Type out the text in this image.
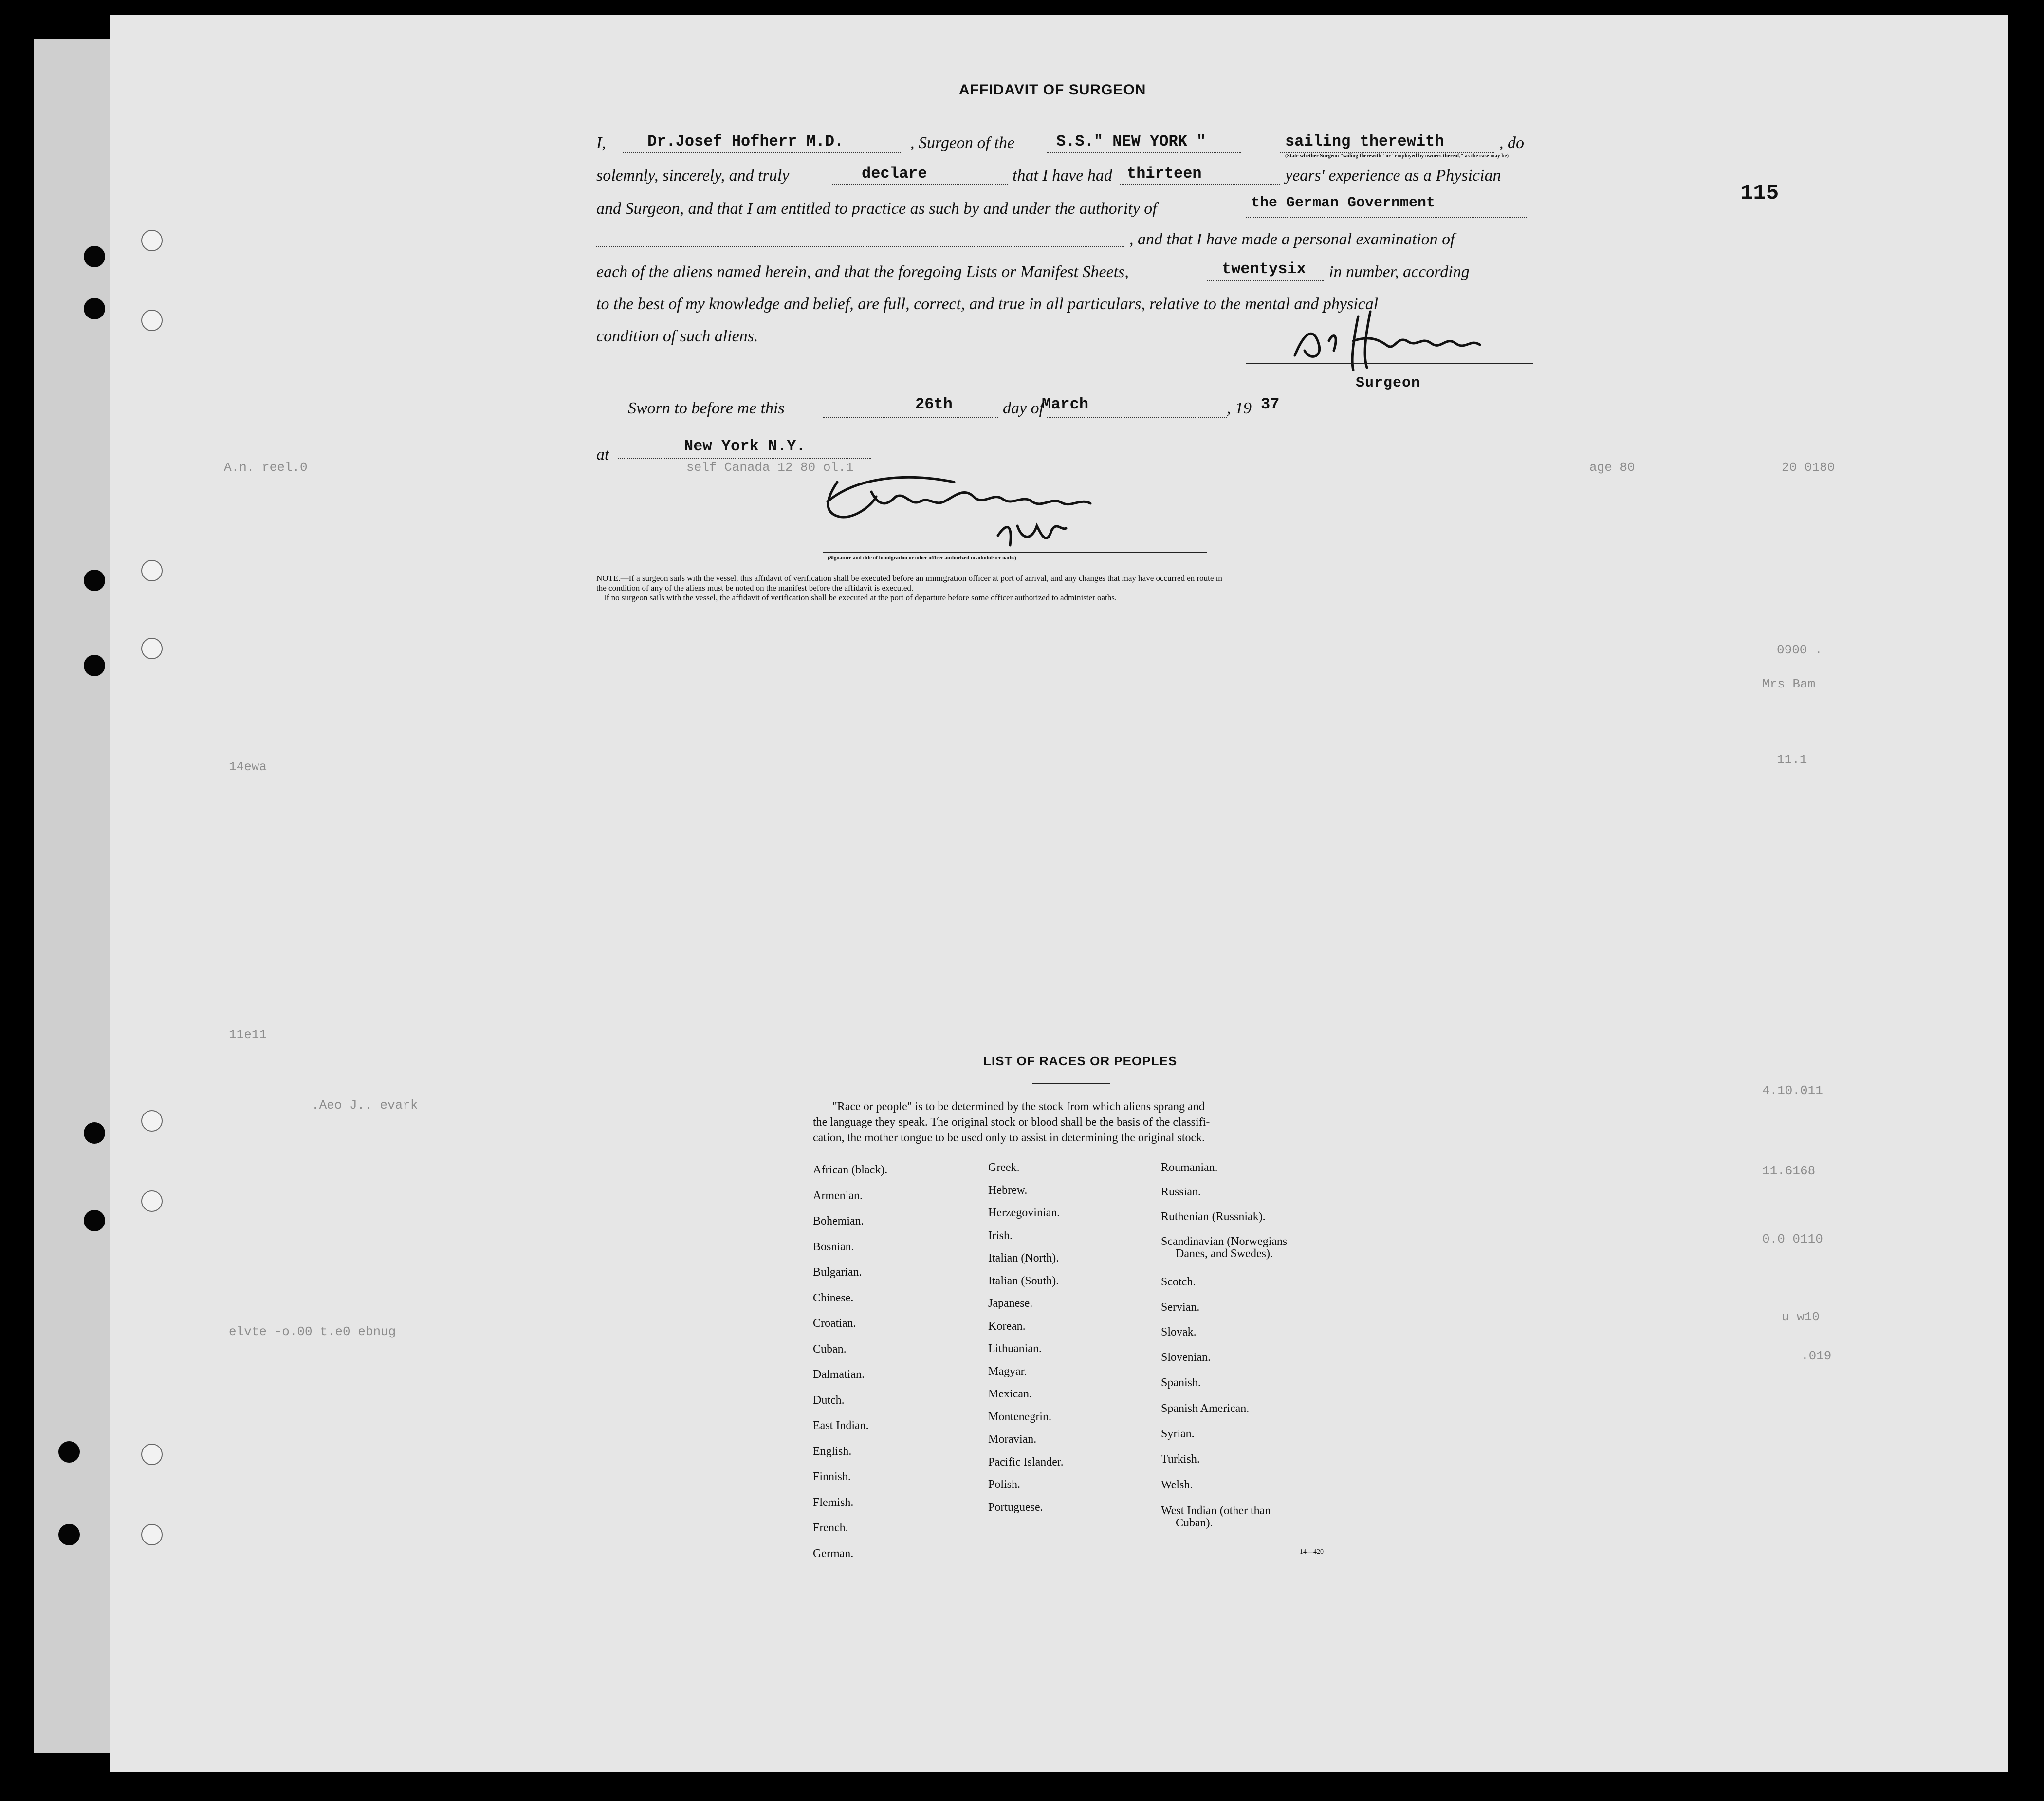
115
AFFIDAVIT OF SURGEON
I,	Dr.Josef Hofherr M.D.	, Surgeon of the	S.S." NEW YORK "	sailing therewith	, do
(State whether Surgeon "sailing therewith" or "employed by owners thereof," as the case may be)
solemnly, sincerely, and truly	declare	that I have had thirteen	years' experience as a Physician
and Surgeon, and that I am entitled to practice as such by and under the authority of	the German Government
, and that I have made a personal examination of
each of the aliens named herein, and that the foregoing Lists or Manifest Sheets,	twentysix in number, according
to the best of my knowledge and belief, are full, correct, and true in all particulars, relative to the mental and physical
condition of such aliens.
Surgeon
Sworn to before me this	26th	day of
March	, 19 37
at	New York N.Y.
(Signature and title of immigration or other officer authorized to administer oaths)
NOTE.—If a surgeon sails with the vessel, this affidavit of verification shall be executed before an immigration officer at port of arrival, and any changes that may have occurred en route in
the condition of any of the aliens must be noted on the manifest before the affidavit is executed.
If no surgeon sails with the vessel, the affidavit of verification shall be executed at the port of departure before some officer authorized to administer oaths.
A.n. reel.0	self Canada 12 80 ol.1	age 80	20 0180
0900 .
Mrs Bam
11.1
14ewa
11e11
4.10.011
.Aeo J.. evark
11.6168
0.0 0110
elvte -o.00 t.e0 ebnug
u w10
.019
LIST OF RACES OR PEOPLES
"Race or people" is to be determined by the stock from which aliens sprang and
the language they speak. The original stock or blood shall be the basis of the classifi-
cation, the mother tongue to be used only to assist in determining the original stock.
African (black).
Armenian.
Bohemian.
Bosnian.
Bulgarian.
Chinese.
Croatian.
Cuban.
Dalmatian.
Dutch.
East Indian.
English.
Finnish.
Flemish.
French.
German.
Greek.
Hebrew.
Herzegovinian.
Irish.
Italian (North).
Italian (South).
Japanese.
Korean.
Lithuanian.
Magyar.
Mexican.
Montenegrin.
Moravian.
Pacific Islander.
Polish.
Portuguese.
Roumanian.
Russian.
Ruthenian (Russniak).
Scandinavian (Norwegians
Danes, and Swedes).
Scotch.
Servian.
Slovak.
Slovenian.
Spanish.
Spanish American.
Syrian.
Turkish.
Welsh.
West Indian (other than
Cuban).
14—420
